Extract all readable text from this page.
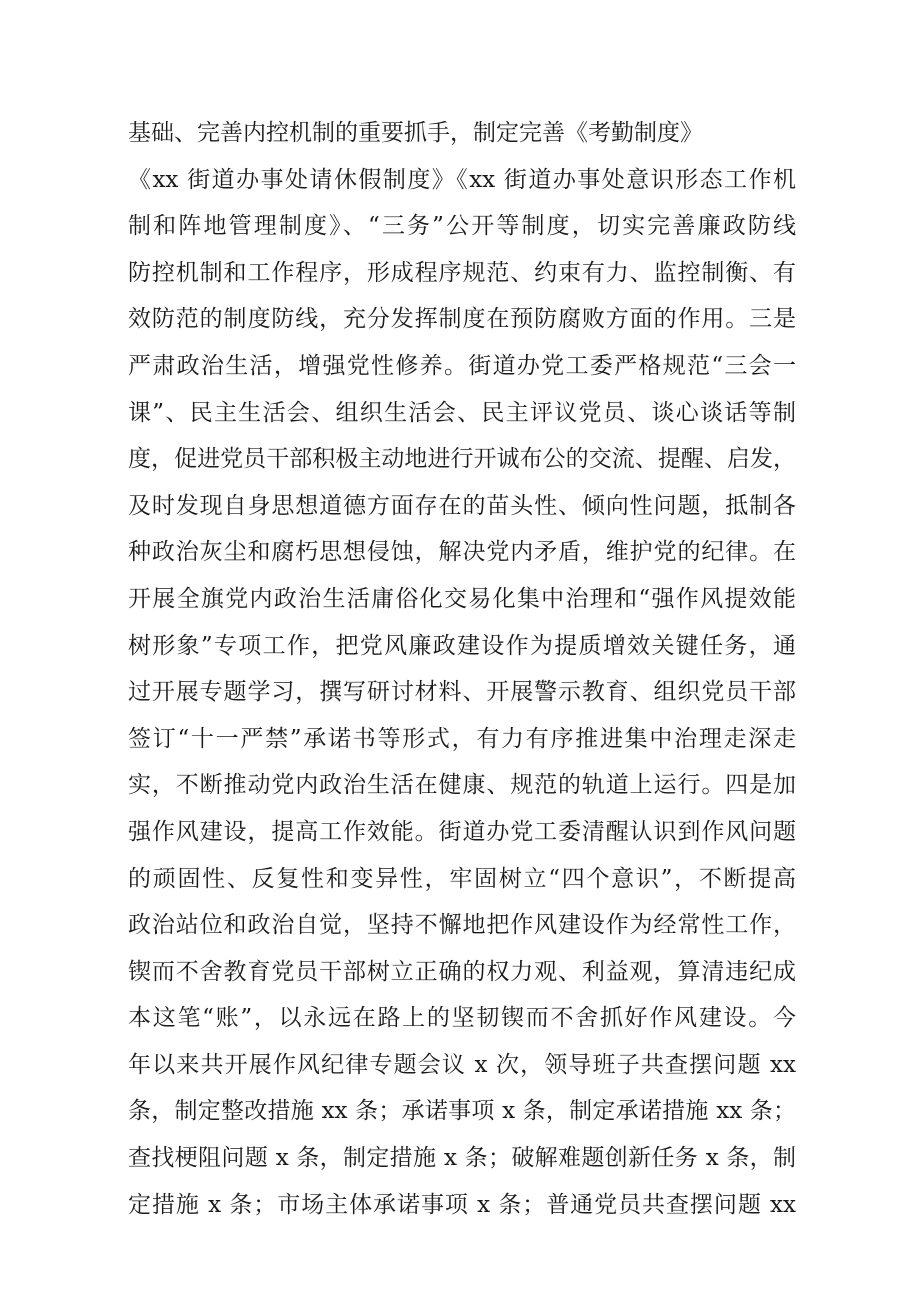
基础、完善内控机制的重要抓手，制定完善《考勤制度》
《xx 街道办事处请休假制度》《xx 街道办事处意识形态工作机
制和阵地管理制度》、“三务”公开等制度，切实完善廉政防线
防控机制和工作程序，形成程序规范、约束有力、监控制衡、有
效防范的制度防线，充分发挥制度在预防腐败方面的作用。三是
严肃政治生活，增强党性修养。街道办党工委严格规范“三会一
课”、民主生活会、组织生活会、民主评议党员、谈心谈话等制
度，促进党员干部积极主动地进行开诚布公的交流、提醒、启发，
及时发现自身思想道德方面存在的苗头性、倾向性问题，抵制各
种政治灰尘和腐朽思想侵蚀，解决党内矛盾，维护党的纪律。在
开展全旗党内政治生活庸俗化交易化集中治理和“强作风提效能
树形象”专项工作，把党风廉政建设作为提质增效关键任务，通
过开展专题学习，撰写研讨材料、开展警示教育、组织党员干部
签订“十一严禁”承诺书等形式，有力有序推进集中治理走深走
实，不断推动党内政治生活在健康、规范的轨道上运行。四是加
强作风建设，提高工作效能。街道办党工委清醒认识到作风问题
的顽固性、反复性和变异性，牢固树立“四个意识”，不断提高
政治站位和政治自觉，坚持不懈地把作风建设作为经常性工作，
锲而不舍教育党员干部树立正确的权力观、利益观，算清违纪成
本这笔“账”，以永远在路上的坚韧锲而不舍抓好作风建设。今
年以来共开展作风纪律专题会议 x 次，领导班子共查摆问题 xx
条，制定整改措施 xx 条；承诺事项 x 条，制定承诺措施 xx 条；
查找梗阻问题 x 条，制定措施 x 条；破解难题创新任务 x 条，制
定措施 x 条；市场主体承诺事项 x 条；普通党员共查摆问题 xx
